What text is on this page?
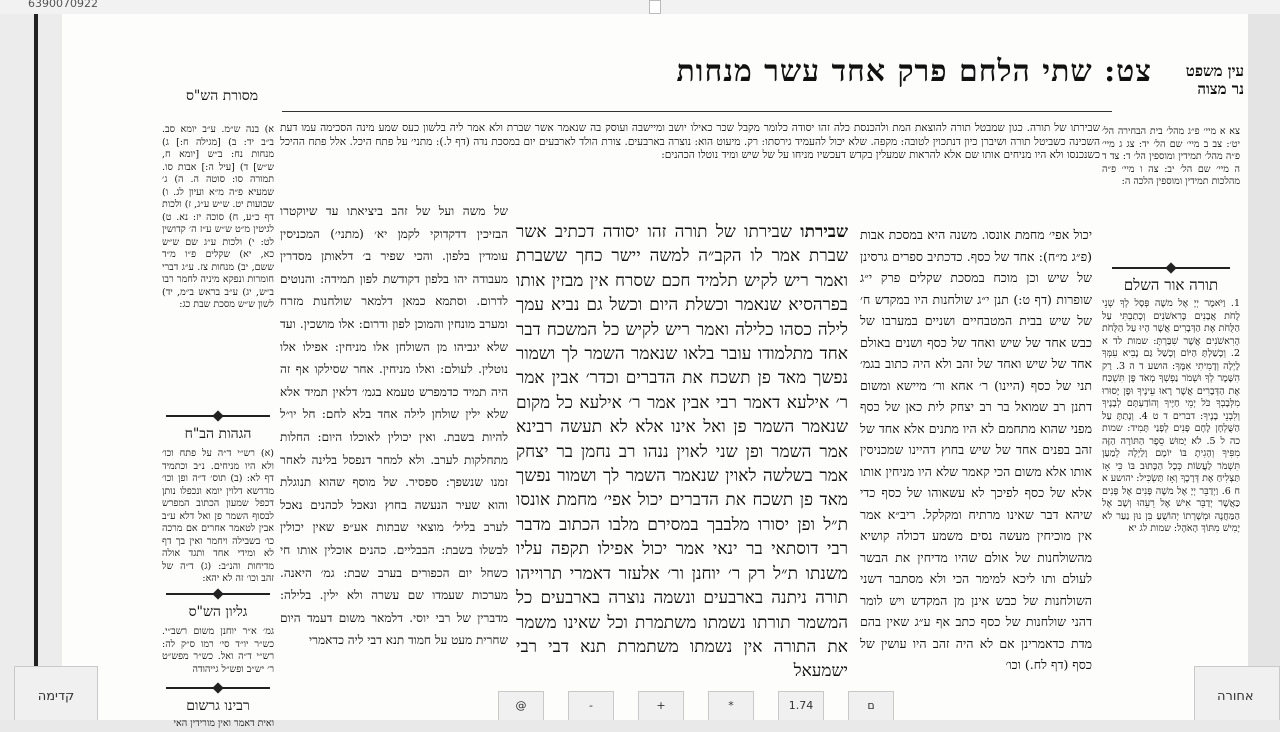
6390070922
צט: שתי הלחם פרק אחד עשר מנחות	עין משפט
נר מצוה
מסורת הש"ס
צא א מיי׳ פ״ג מהל׳ בית הבחירה הל׳ יט׳: צב ב מיי׳ שם הל׳ יד: צג ג מיי׳ פ״ה מהל׳ תמידין ומוספין הל׳ ד: צד ד ה מיי׳ שם הל׳ יב: צה ו מיי׳ פ״ה מהלכות תמידין ומוספין הלכה ה:
תורה אור השלם
1. וַיֹּאמֶר יְיָ אֶל משֶׁה פְּסָל לְךָ שְׁנֵי לֻחֹת אֲבָנִים כָּרִאשֹׁנִים וְכָתַבְתִּי עַל הַלֻּחֹת אֶת הַדְּבָרִים אֲשֶׁר הָיוּ עַל הַלֻּחֹת הָרִאשֹׁנִים אֲשֶׁר שִׁבַּרְתָּ: שמות לד א 2. וְכָשַׁלְתָּ הַיּוֹם וְכָשַׁל גַּם נָבִיא עִמְּךָ לָיְלָה וְדָמִיתִי אִמֶּךָ: הושע ד ה 3. רַק הִשָּׁמֶר לְךָ וּשְׁמֹר נַפְשְׁךָ מְאֹד פֶּן תִּשְׁכַּח אֶת הַדְּבָרִים אֲשֶׁר רָאוּ עֵינֶיךָ וּפֶן יָסוּרוּ מִלְּבָבְךָ כֹּל יְמֵי חַיֶּיךָ וְהוֹדַעְתָּם לְבָנֶיךָ וְלִבְנֵי בָנֶיךָ: דברים ד ט 4. וְנָתַתָּ עַל הַשֻּׁלְחָן לֶחֶם פָּנִים לְפָנַי תָּמִיד: שמות כה ל 5. לֹא יָמוּשׁ סֵפֶר הַתּוֹרָה הַזֶּה מִפִּיךָ וְהָגִיתָ בּוֹ יוֹמָם וָלַיְלָה לְמַעַן תִּשְׁמֹר לַעֲשׂוֹת כְּכָל הַכָּתוּב בּוֹ כִּי אָז תַּצְלִיחַ אֶת דְּרָכֶךָ וְאָז תַּשְׂכִּיל: יהושע א ח 6. וַיְדַבֵּר יְיָ אֶל משֶׁה פָּנִים אֶל פָּנִים כַּאֲשֶׁר יְדַבֵּר אִישׁ אֶל רֵעֵהוּ וְשָׁב אֶל הַמַּחֲנֶה וּמְשָׁרְתוֹ יְהוֹשֻׁעַ בִּן נוּן נַעַר לֹא יָמִישׁ מִתּוֹךְ הָאֹהֶל: שמות לג יא
יכול אפי׳ מחמת אונסו. משנה היא במסכת אבות (פ״ג מ״ח): אחד של כסף. כדכתיב ספרים גרסינן של שיש וכן מוכח במסכת שקלים פרק י״ג שופרות (דף ט:) תנן י״ג שולחנות היו במקדש ח׳ של שיש בבית המטבחיים ושניים במערבו של כבש אחד של שיש ואחד של כסף ושנים באולם אחד של שיש ואחד של זהב ולא היה כתוב בגמ׳ תני של כסף (היינו) ר׳ אחא ור׳ מיישא ומשום דתנן רב שמואל בר רב יצחק לית כאן של כסף מפני שהוא מתחמם לא היו מתנים אלא אחד של זהב בפנים אחד של שיש בחוץ דהיינו שמכניסין אותו אלא משום הכי קאמר שלא היו מניחין אותו אלא של כסף לפיכך לא עשאוהו של כסף כדי שיהא דבר שאינו מרתיח ומקלקל. ריב״א אמר אין מוכיחין מעשה נסים משמע דכולה קושיא מהשולחנות של אולם שהיו מדיחין את הבשר לעולם ותו ליכא למימר הכי ולא מסתבר דשני השולחנות של כבש אינן מן המקדש ויש לומר דהני שולחנות של כסף כתב אף ע״ג שאין בהם מדת כדאמרינן אם לא היה זהב היו עושין של כסף (דף לח.) וכו׳
שבירתו שבירתו של תורה זהו יסודה דכתיב אשר שברת אמר לו הקב״ה למשה יישר כחך ששברת ואמר ריש לקיש תלמיד חכם שסרח אין מבזין אותו בפרהסיא שנאמר וכשלת היום וכשל גם נביא עמך לילה כסהו כלילה ואמר ריש לקיש כל המשכח דבר אחד מתלמודו עובר בלאו שנאמר השמר לך ושמור נפשך מאד פן תשכח את הדברים וכדר׳ אבין אמר ר׳ אילעא דאמר רבי אבין אמר ר׳ אילעא כל מקום שנאמר השמר פן ואל אינו אלא לא תעשה רבינא אמר השמר ופן שני לאוין ננהו רב נחמן בר יצחק אמר בשלשה לאוין שנאמר השמר לך ושמור נפשך מאד פן תשכח את הדברים יכול אפי׳ מחמת אונסו ת״ל ופן יסורו מלבבך במסירם מלבו הכתוב מדבר רבי דוסתאי בר ינאי אמר יכול אפילו תקפה עליו משנתו ת״ל רק ר׳ יוחנן ור׳ אלעזר דאמרי תרוייהו תורה ניתנה בארבעים ונשמה נוצרה בארבעים כל המשמר תורתו נשמתו משתמרת וכל שאינו משמר את התורה אין נשמתו משתמרת תנא דבי רבי ישמעאל
שבירתו של תורה. כגון שמבטל תורה להוצאת המת ולהכנסת כלה זהו יסודה כלומר מקבל שכר כאילו יושב ומיישבה ועוסק בה שנאמר אשר שברת ולא אמר ליה בלשון כעס שמע מינה הסכימה עמו דעת השכינה כשביטל תורה ושיברן כיון דנתכוין לטובה: מקפה. שלא יכול להעמיד גירסתו: רק. מיעוט הוא: נוצרה בארבעים. צורת הולד לארבעים יום במסכת נדה (דף ל.): מתני׳ על פתח היכל. אלל פתח ההיכל כשנכנסו ולא היו מניחים אותו שם אלא להראות שמעלין בקדש דעכשיו מניחו על של שיש ומיד נוטלו הכהנים:
של משה ועל של זהב ביציאתו עד שיוקטרו הבזיכין דדקדוקי לקמן יא׳ (מתני׳) המכניסין עומדין בלפון. והכי שפיר ב׳ דלאותן מסדרין מעבודה יהו בלפון דקודשת לפון תמידה: והנוטים לדרום. וסתמא כמאן דלמאר שולחנות מזרח ומערב מונחין והמוכן לפון ודרום: אלו מושכין. ועד שלא יגביהו מן השולחן אלו מניחין: אפילו אלו נוטלין. לעולם: ואלו מניחין. אחר שסילקו אף זה היה תמיד כדמפרש טעמא בגמ׳ דלאין תמיד אלא שלא ילין שולחן לילה אחד בלא לחם: חל יו״ל להיות בשבת. ואין יכולין לאוכלו היום: החלות מתחלקות לערב. ולא למחר דנפסל בלינה לאחר זמנו שנשפך: ספסיר. של מוסף שהוא תנוגלת והוא שעיר הנעשה בחוץ ונאכל לכהנים נאכל לערב בליל׳ מוצאי שבתות אע״פ שאין יכולין לבשלו בשבת: הבבליים. כהנים אוכלין אותו חי כשחל יום הכפורים בערב שבת: גמ׳ היאנה. מערכות שעמדו שם עשרה ולא ילין. בלילה: מדברין של רבי יוסי. דלמאר משום דעמד היום שחרית מעט על חמוד תנא דבי ליה כדאמרי
א) בנה ש״מ. ע״ב יומא סב. ב״ב יד: ב) [מגילה ח:] ג) מנחות נח: ב״ש [יומא ח, ש״ש] ד) [עיל ה:] אבות סו. תמורה סו: סוטה ה. ה) ג׳ שמעיא פ״ה מ״א ועיון לג. ו) שבועות יט. ש״ש ע״ג, ז) ולכות דף כ״ע, ח) סוכה יז: נא. ט) לגיטין מ״ט ש״ש ע״ז ה׳ קדושין לט: י) ולכות ע״ג שם ש״ש כא, יא) שקלים פ״ו מ״ד ששם, יב) מנחות צז. ע״ג דברי חומרות ונפקא מיניה לחמר רבו ב״ש, יג) ע״ב בראש ב״מ, יד) לשון ש״ש מסכת שבת כג:
הגהות הב"ח
(א) רש״י ד״ה על פתח וכו׳ ולא היו מניחים. נ״ב וכתמיד דף לא: (ב) תוס׳ ד״ה ופן וכו׳ מדרשא דלוין יומא ונכפלו נותן דכפל שמעון הכתוב המפרש לבסוף השמר פן ואל דלא ע״ב אבין לטאמר אחרים אם מרכה כו׳ בשבילה ויחמר ואין בך דף לא ומידי אחד ותגד אולה מדיחות והנ״ב: (ג) ד״ה של זהב וכו׳ זה לא יהא:
גליון הש"ס
גמ׳ א״ר יוחנן משום רשב״י. כש״ר יו״ד סי׳ רמו ס״ק לה: רש״י ד״ה ואל. כש״ר מפש״ט ר׳ יש״ב ופש״ל גייהודה
רבינו גרשום
ואית דאמר ואין מורידין האי
קדימה
@	-	+	*	1.74	ם
אחורה
